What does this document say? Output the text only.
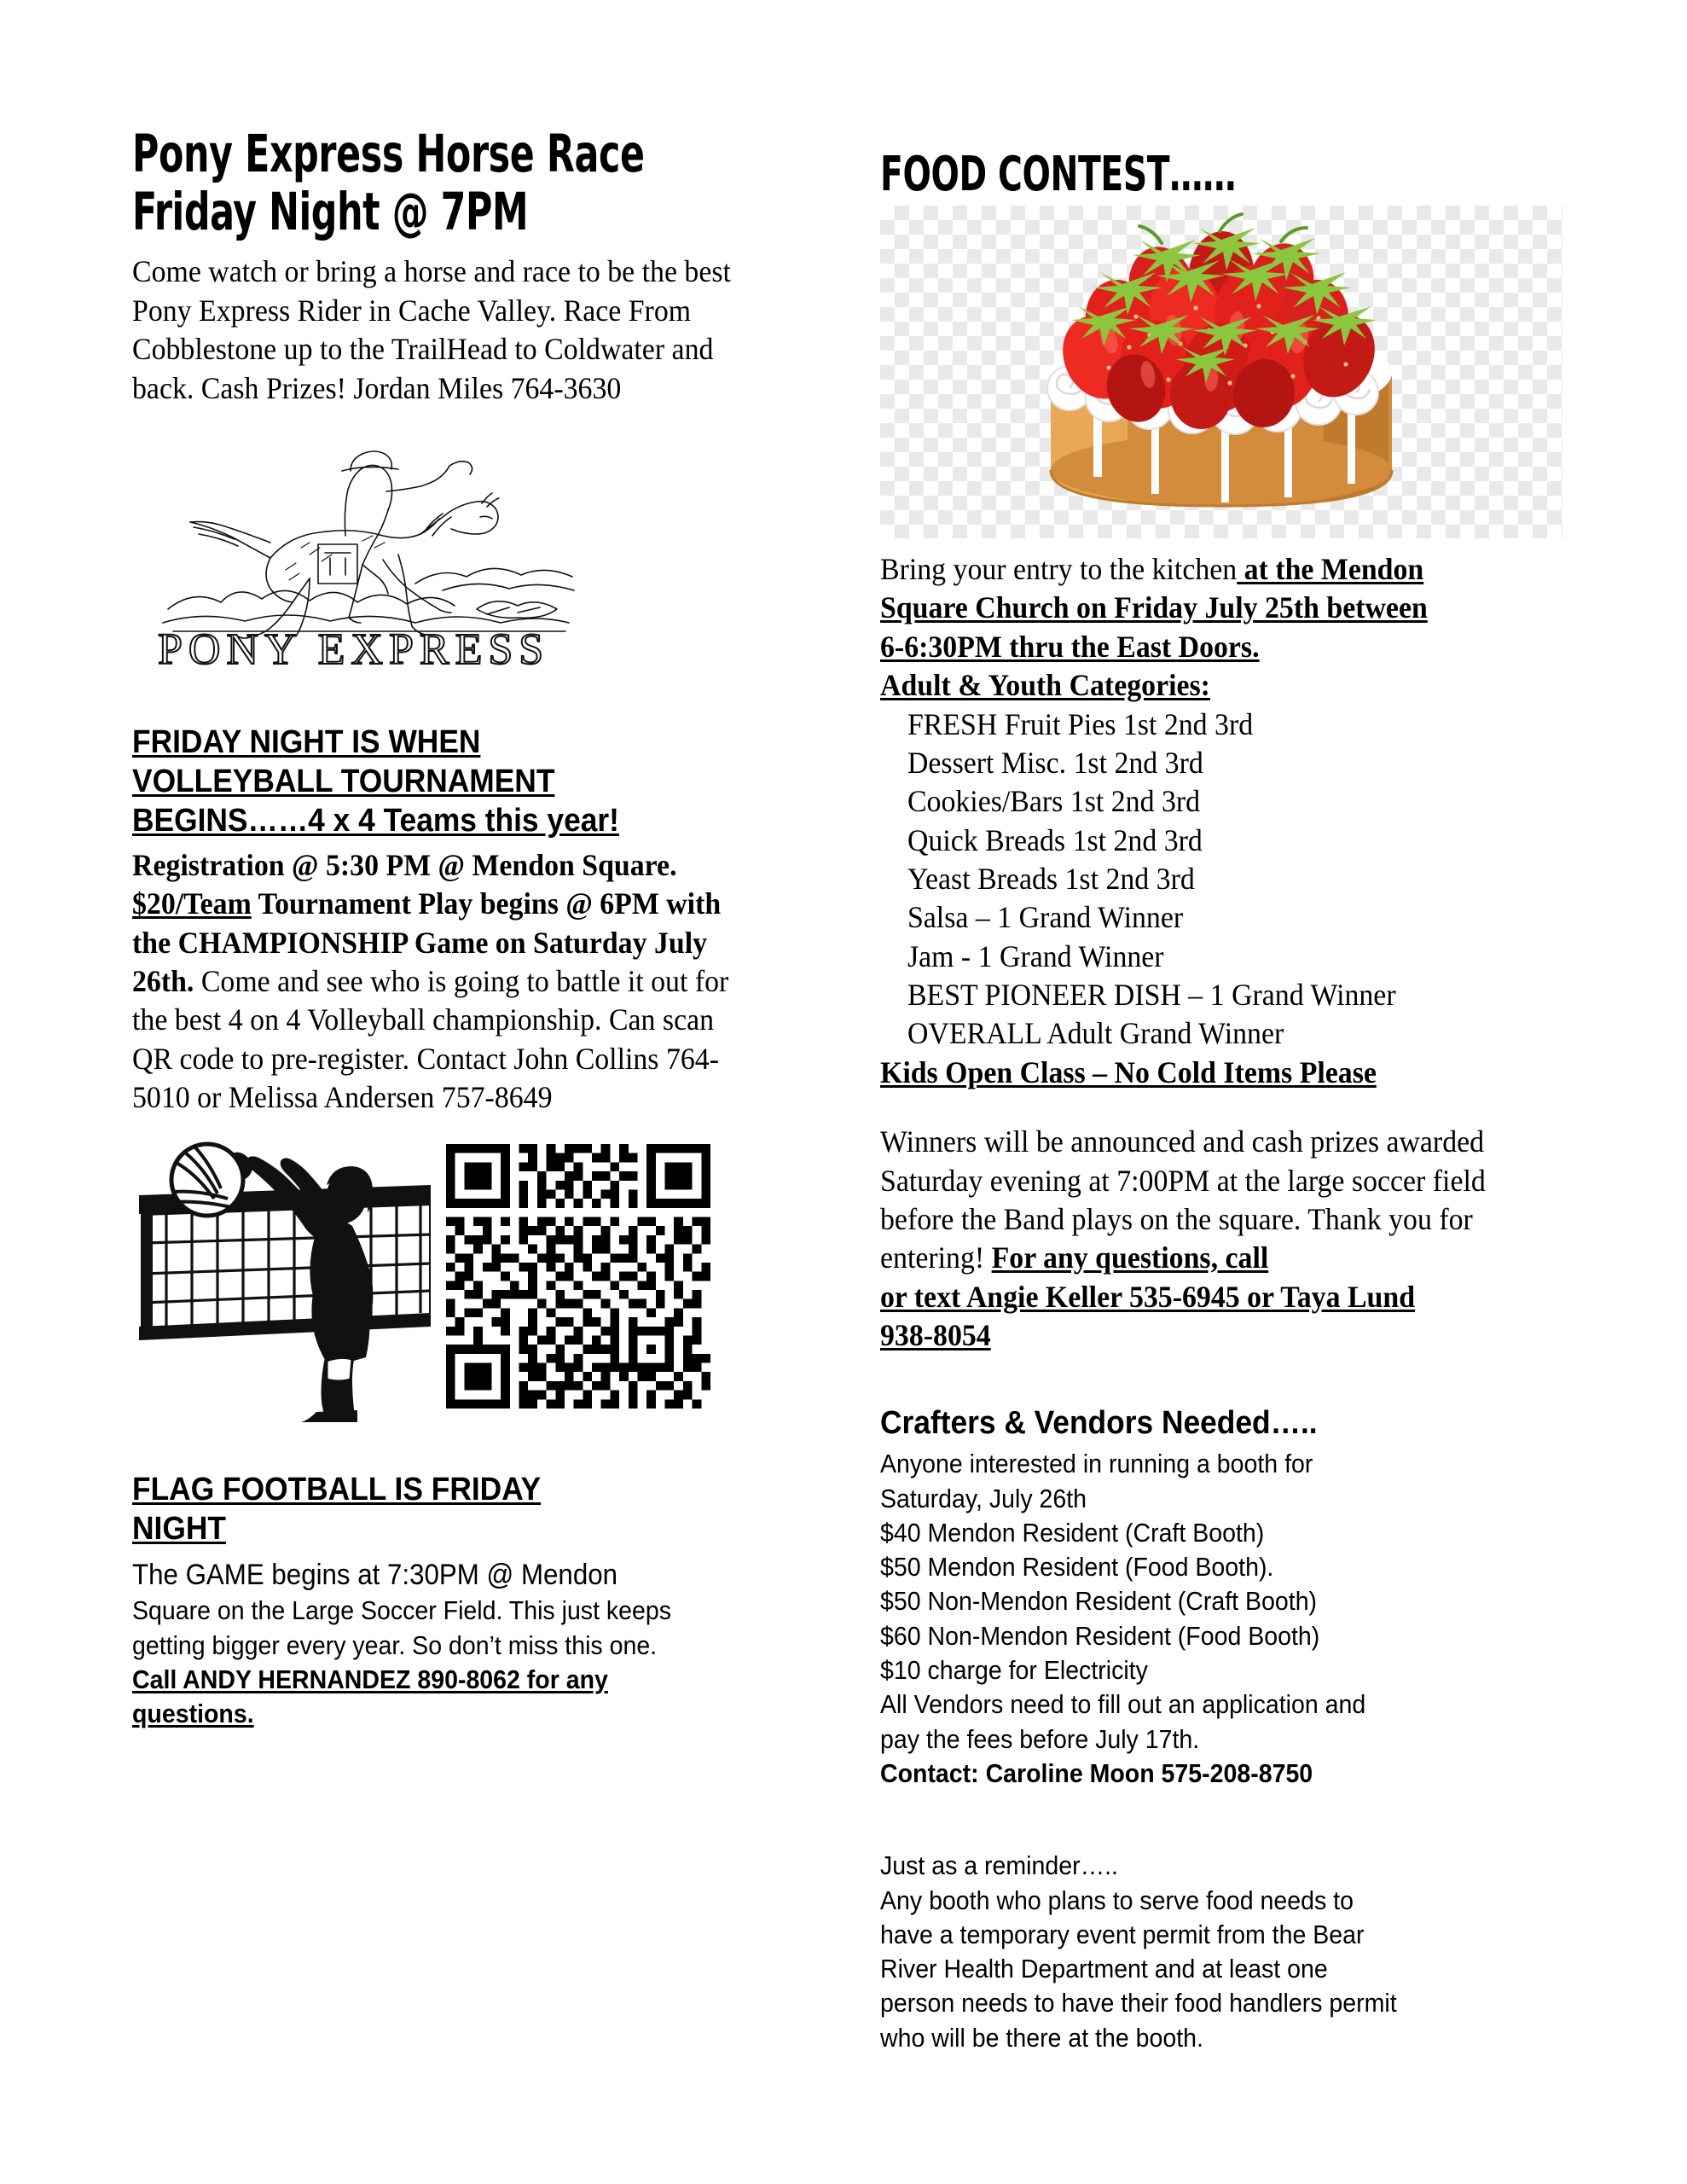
Pony Express Horse Race
Friday Night @ 7PM

Come watch or bring a horse and race to be the best Pony Express Rider in Cache Valley. Race From Cobblestone up to the TrailHead to Coldwater and back. Cash Prizes! Jordan Miles 764-3630

PONY EXPRESS
FRIDAY NIGHT IS WHEN
VOLLEYBALL TOURNAMENT
BEGINS……4 x 4 Teams this year!

Registration @ 5:30 PM @ Mendon Square. $20/Team Tournament Play begins @ 6PM with the CHAMPIONSHIP Game on Saturday July 26th. Come and see who is going to battle it out for the best 4 on 4 Volleyball championship. Can scan QR code to pre-register. Contact John Collins 764-5010 or Melissa Andersen 757-8649

FLAG FOOTBALL IS FRIDAY
NIGHT

The GAME begins at 7:30PM @ Mendon

Square on the Large Soccer Field. This just keeps

getting bigger every year. So don’t miss this one.

Call ANDY HERNANDEZ 890-8062 for any

questions.

FOOD CONTEST……

Bring your entry to the kitchen at the Mendon

Square Church on Friday July 25th between

6-6:30PM thru the East Doors.

Adult & Youth Categories:

FRESH Fruit Pies 1st 2nd 3rd

Dessert Misc. 1st 2nd 3rd

Cookies/Bars 1st 2nd 3rd

Quick Breads 1st 2nd 3rd

Yeast Breads 1st 2nd 3rd

Salsa – 1 Grand Winner

Jam - 1 Grand Winner

BEST PIONEER DISH – 1 Grand Winner

OVERALL Adult Grand Winner

Kids Open Class – No Cold Items Please

Winners will be announced and cash prizes awarded Saturday evening at 7:00PM at the large soccer field before the Band plays on the square. Thank you for entering! For any questions, call

or text Angie Keller 535-6945 or Taya Lund

938-8054

Crafters & Vendors Needed…..

Anyone interested in running a booth for

Saturday, July 26th

$40 Mendon Resident (Craft Booth)

$50 Mendon Resident (Food Booth).

$50 Non-Mendon Resident (Craft Booth)

$60 Non-Mendon Resident (Food Booth)

$10 charge for Electricity

All Vendors need to fill out an application and

pay the fees before July 17th.

Contact: Caroline Moon 575-208-8750

Just as a reminder…..

Any booth who plans to serve food needs to

have a temporary event permit from the Bear

River Health Department and at least one

person needs to have their food handlers permit

who will be there at the booth.
